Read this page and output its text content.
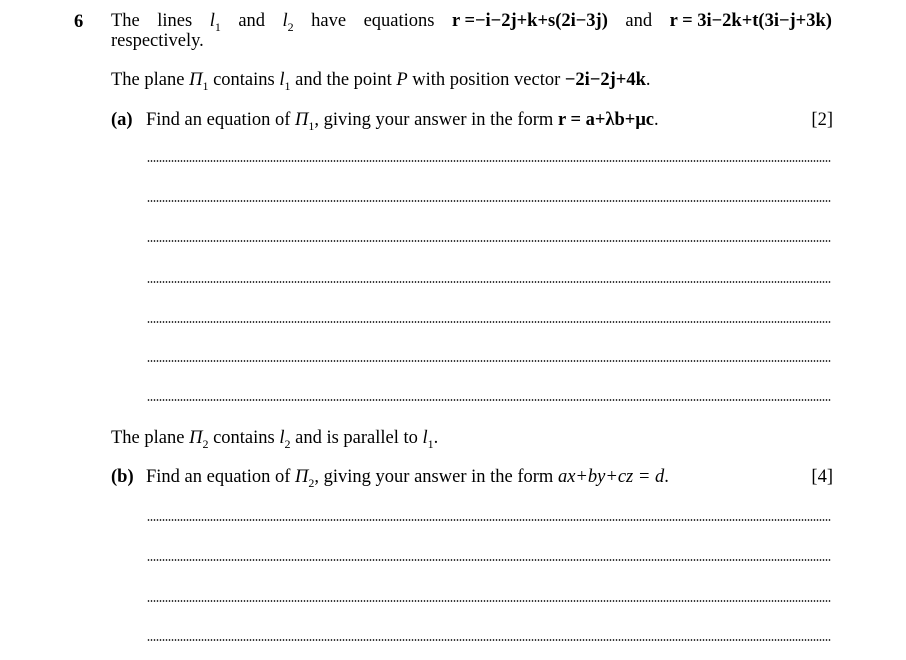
6 The lines $l_1$ and $l_2$ have equations r =−i−2j+k+s(2i−3j) and r = 3i−2k+t(3i−j+3k)
respectively.
The plane $\Pi_1$ contains $l_1$ and the point P with position vector −2i−2j+4k.
(a) Find an equation of $\Pi_1$, giving your answer in the form r = a+λb+μc.	[2]
The plane $\Pi_2$ contains $l_2$ and is parallel to $l_1$.
(b) Find an equation of $\Pi_2$, giving your answer in the form ax+by+cz = d.	[4]
